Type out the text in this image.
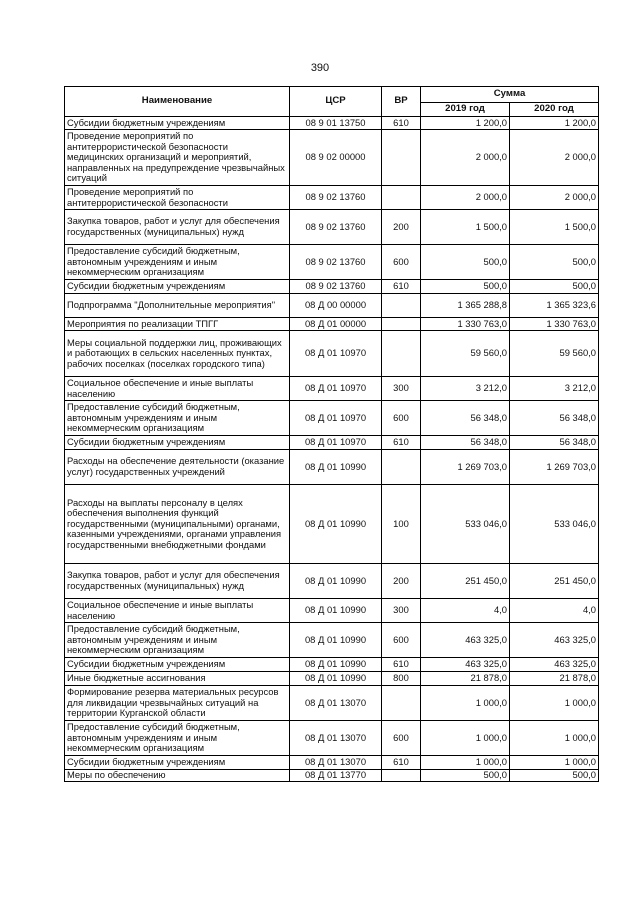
390
Наименование	ЦСР	ВР	Сумма	
			2019 год	2020 год
Субсидии бюджетным учреждениям	08 9 01 13750	610	1 200,0	1 200,0
Проведение мероприятий по антитеррористической безопасности медицинских организаций и мероприятий, направленных на предупреждение чрезвычайных ситуаций	08 9 02 00000		2 000,0	2 000,0
Проведение мероприятий по антитеррористической безопасности	08 9 02 13760		2 000,0	2 000,0
Закупка товаров, работ и услуг для обеспечения государственных (муниципальных) нужд	08 9 02 13760	200	1 500,0	1 500,0
Предоставление субсидий бюджетным, автономным учреждениям и иным некоммерческим организациям	08 9 02 13760	600	500,0	500,0
Субсидии бюджетным учреждениям	08 9 02 13760	610	500,0	500,0
Подпрограмма "Дополнительные мероприятия"	08 Д 00 00000		1 365 288,8	1 365 323,6
Мероприятия по реализации ТПГГ	08 Д 01 00000		1 330 763,0	1 330 763,0
Меры социальной поддержки лиц, проживающих и работающих в сельских населенных пунктах, рабочих поселках (поселках городского типа)	08 Д 01 10970		59 560,0	59 560,0
Социальное обеспечение и иные выплаты населению	08 Д 01 10970	300	3 212,0	3 212,0
Предоставление субсидий бюджетным, автономным учреждениям и иным некоммерческим организациям	08 Д 01 10970	600	56 348,0	56 348,0
Субсидии бюджетным учреждениям	08 Д 01 10970	610	56 348,0	56 348,0
Расходы на обеспечение деятельности (оказание услуг) государственных учреждений	08 Д 01 10990		1 269 703,0	1 269 703,0
Расходы на выплаты персоналу в целях обеспечения выполнения функций государственными (муниципальными) органами, казенными учреждениями, органами управления государственными внебюджетными фондами	08 Д 01 10990	100	533 046,0	533 046,0
Закупка товаров, работ и услуг для обеспечения государственных (муниципальных) нужд	08 Д 01 10990	200	251 450,0	251 450,0
Социальное обеспечение и иные выплаты населению	08 Д 01 10990	300	4,0	4,0
Предоставление субсидий бюджетным, автономным учреждениям и иным некоммерческим организациям	08 Д 01 10990	600	463 325,0	463 325,0
Субсидии бюджетным учреждениям	08 Д 01 10990	610	463 325,0	463 325,0
Иные бюджетные ассигнования	08 Д 01 10990	800	21 878,0	21 878,0
Формирование резерва материальных ресурсов для ликвидации чрезвычайных ситуаций на территории Курганской области	08 Д 01 13070		1 000,0	1 000,0
Предоставление субсидий бюджетным, автономным учреждениям и иным некоммерческим организациям	08 Д 01 13070	600	1 000,0	1 000,0
Субсидии бюджетным учреждениям	08 Д 01 13070	610	1 000,0	1 000,0
Меры по обеспечению	08 Д 01 13770		500,0	500,0
